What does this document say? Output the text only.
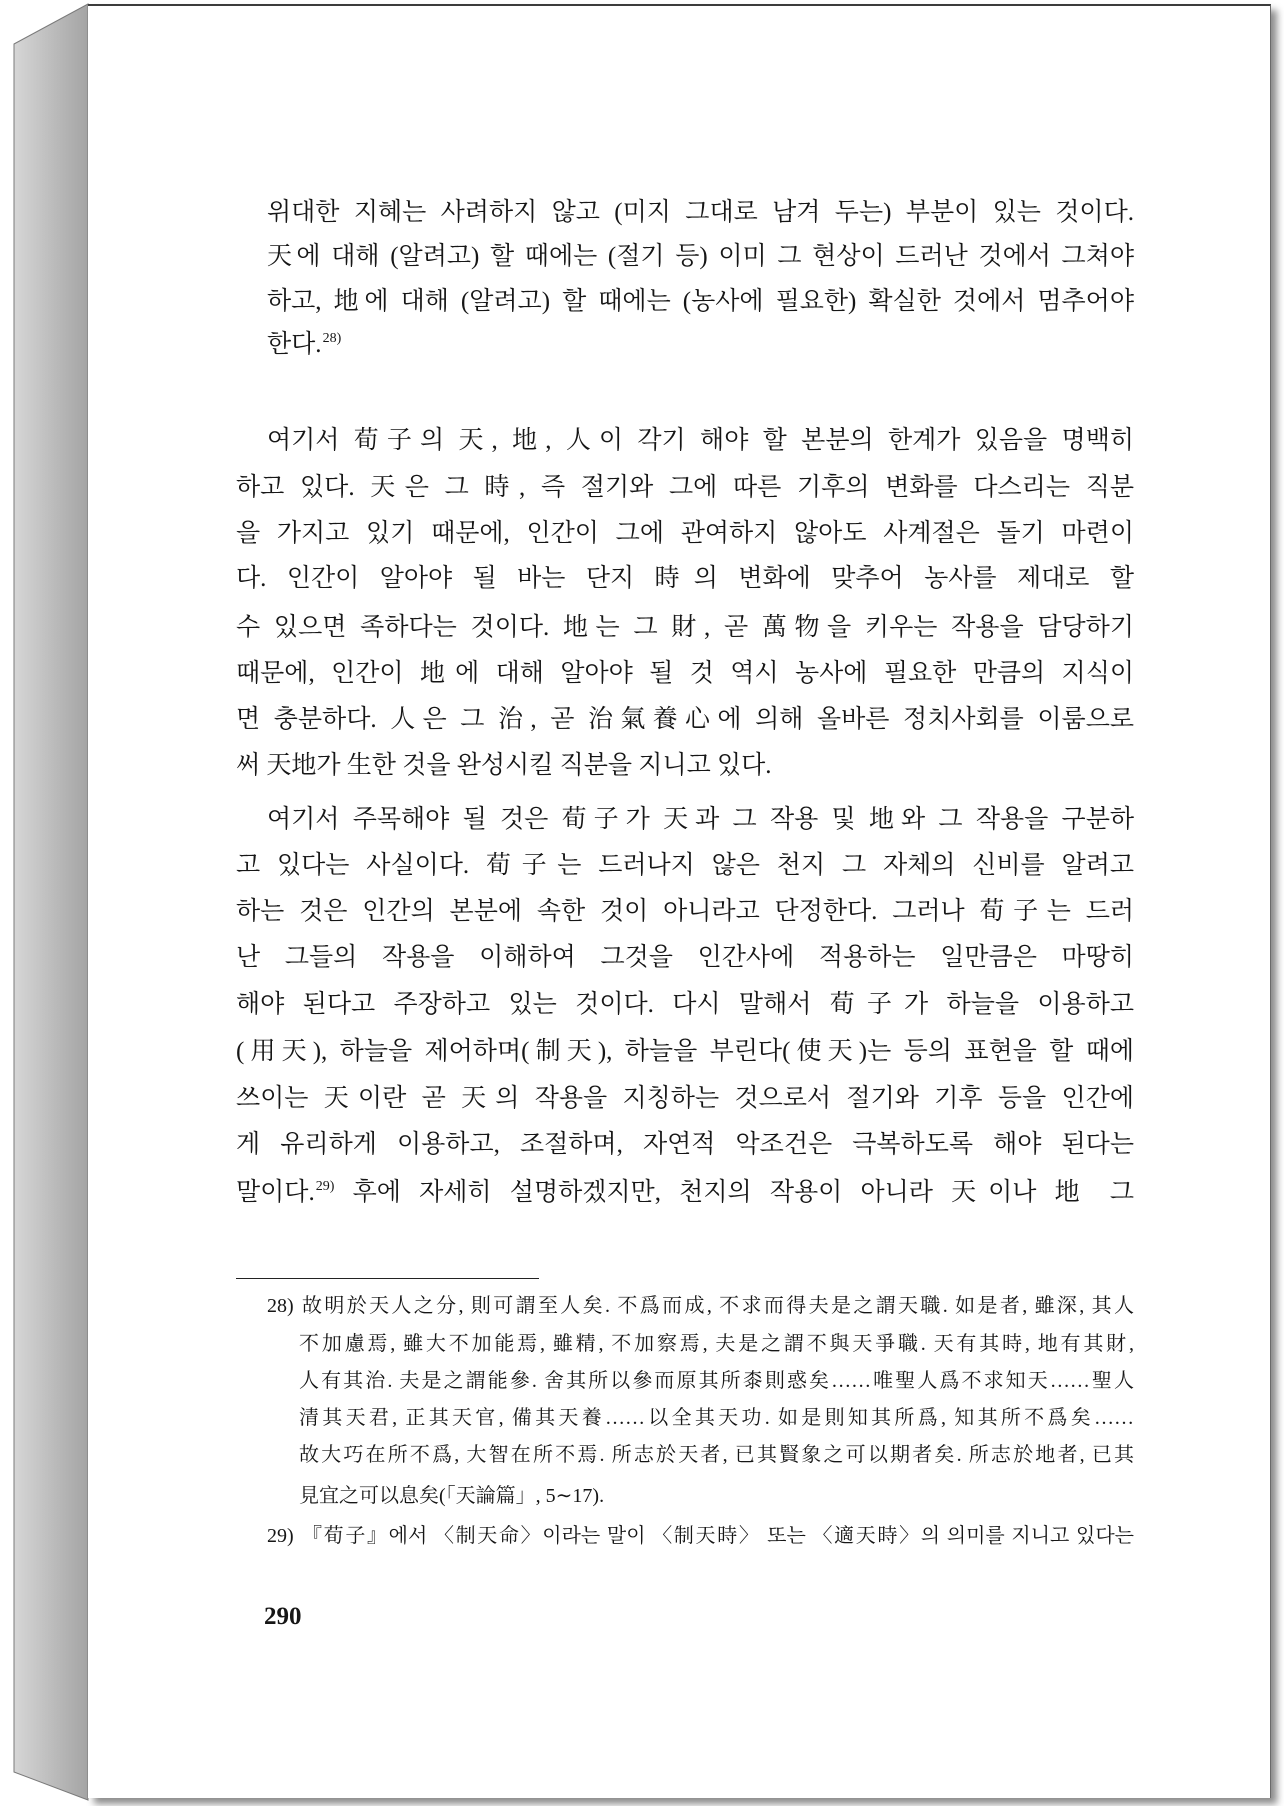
위대한 지혜는 사려하지 않고 (미지 그대로 남겨 두는) 부분이 있는 것이다.
天에 대해 (알려고) 할 때에는 (절기 등) 이미 그 현상이 드러난 것에서 그쳐야
하고, 地에 대해 (알려고) 할 때에는 (농사에 필요한) 확실한 것에서 멈추어야
한다.$^{28)}$
여기서 荀子의 天, 地, 人이 각기 해야 할 본분의 한계가 있음을 명백히
하고 있다. 天은 그 時, 즉 절기와 그에 따른 기후의 변화를 다스리는 직분
을 가지고 있기 때문에, 인간이 그에 관여하지 않아도 사계절은 돌기 마련이
다. 인간이 알아야 될 바는 단지 時의 변화에 맞추어 농사를 제대로 할
수 있으면 족하다는 것이다. 地는 그 財, 곧 萬物을 키우는 작용을 담당하기
때문에, 인간이 地에 대해 알아야 될 것 역시 농사에 필요한 만큼의 지식이
면 충분하다. 人은 그 治, 곧 治氣養心에 의해 올바른 정치사회를 이룸으로
써 天地가 生한 것을 완성시킬 직분을 지니고 있다.
여기서 주목해야 될 것은 荀子가 天과 그 작용 및 地와 그 작용을 구분하
고 있다는 사실이다. 荀子는 드러나지 않은 천지 그 자체의 신비를 알려고
하는 것은 인간의 본분에 속한 것이 아니라고 단정한다. 그러나 荀子는 드러
난 그들의 작용을 이해하여 그것을 인간사에 적용하는 일만큼은 마땅히
해야 된다고 주장하고 있는 것이다. 다시 말해서 荀子가 하늘을 이용하고
(用天), 하늘을 제어하며(制天), 하늘을 부린다(使天)는 등의 표현을 할 때에
쓰이는 天이란 곧 天의 작용을 지칭하는 것으로서 절기와 기후 등을 인간에
게 유리하게 이용하고, 조절하며, 자연적 악조건은 극복하도록 해야 된다는
말이다.$^{29)}$ 후에 자세히 설명하겠지만, 천지의 작용이 아니라 天이나 地 그
28) 故明於天人之分, 則可謂至人矣. 不爲而成, 不求而得夫是之謂天職. 如是者, 雖深, 其人
不加慮焉, 雖大不加能焉, 雖精, 不加察焉, 夫是之謂不與天爭職. 天有其時, 地有其財,
人有其治. 夫是之謂能參. 舍其所以參而原其所桼則惑矣……唯聖人爲不求知天……聖人
清其天君, 正其天官, 備其天養……以全其天功. 如是則知其所爲, 知其所不爲矣……
故大巧在所不爲, 大智在所不焉. 所志於天者, 已其賢象之可以期者矣. 所志於地者, 已其
見宜之可以息矣(「天論篇」, 5∼17).
29) 『荀子』에서 〈制天命〉이라는 말이 〈制天時〉 또는 〈適天時〉의 의미를 지니고 있다는
290
